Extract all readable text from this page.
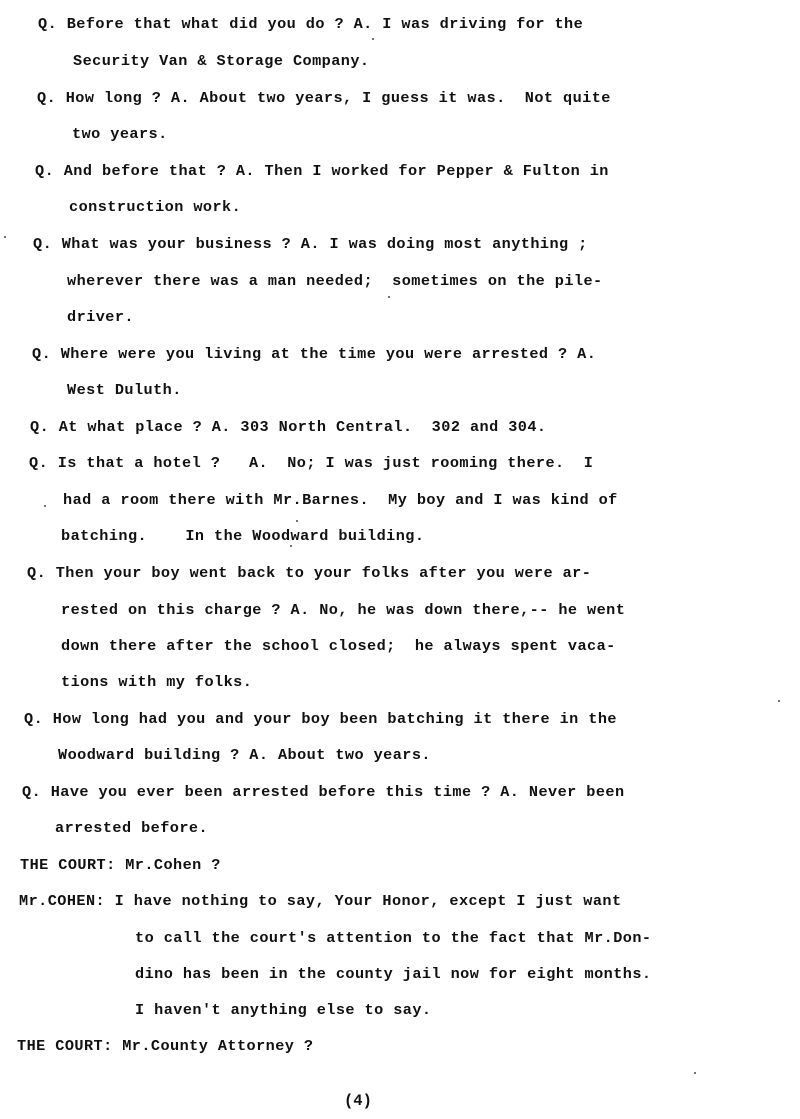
Q. Before that what did you do ? A. I was driving for the
Security Van & Storage Company.
Q. How long ? A. About two years, I guess it was.  Not quite
two years.
Q. And before that ? A. Then I worked for Pepper & Fulton in
construction work.
Q. What was your business ? A. I was doing most anything ;
wherever there was a man needed;  sometimes on the pile-
driver.
Q. Where were you living at the time you were arrested ? A.
West Duluth.
Q. At what place ? A. 303 North Central.  302 and 304.
Q. Is that a hotel ?   A.  No; I was just rooming there.  I
had a room there with Mr.Barnes.  My boy and I was kind of
batching.    In the Woodward building.
Q. Then your boy went back to your folks after you were ar-
rested on this charge ? A. No, he was down there,-- he went
down there after the school closed;  he always spent vaca-
tions with my folks.
Q. How long had you and your boy been batching it there in the
Woodward building ? A. About two years.
Q. Have you ever been arrested before this time ? A. Never been
arrested before.
THE COURT: Mr.Cohen ?
Mr.COHEN: I have nothing to say, Your Honor, except I just want
to call the court's attention to the fact that Mr.Don-
dino has been in the county jail now for eight months.
I haven't anything else to say.
THE COURT: Mr.County Attorney ?
(4)
